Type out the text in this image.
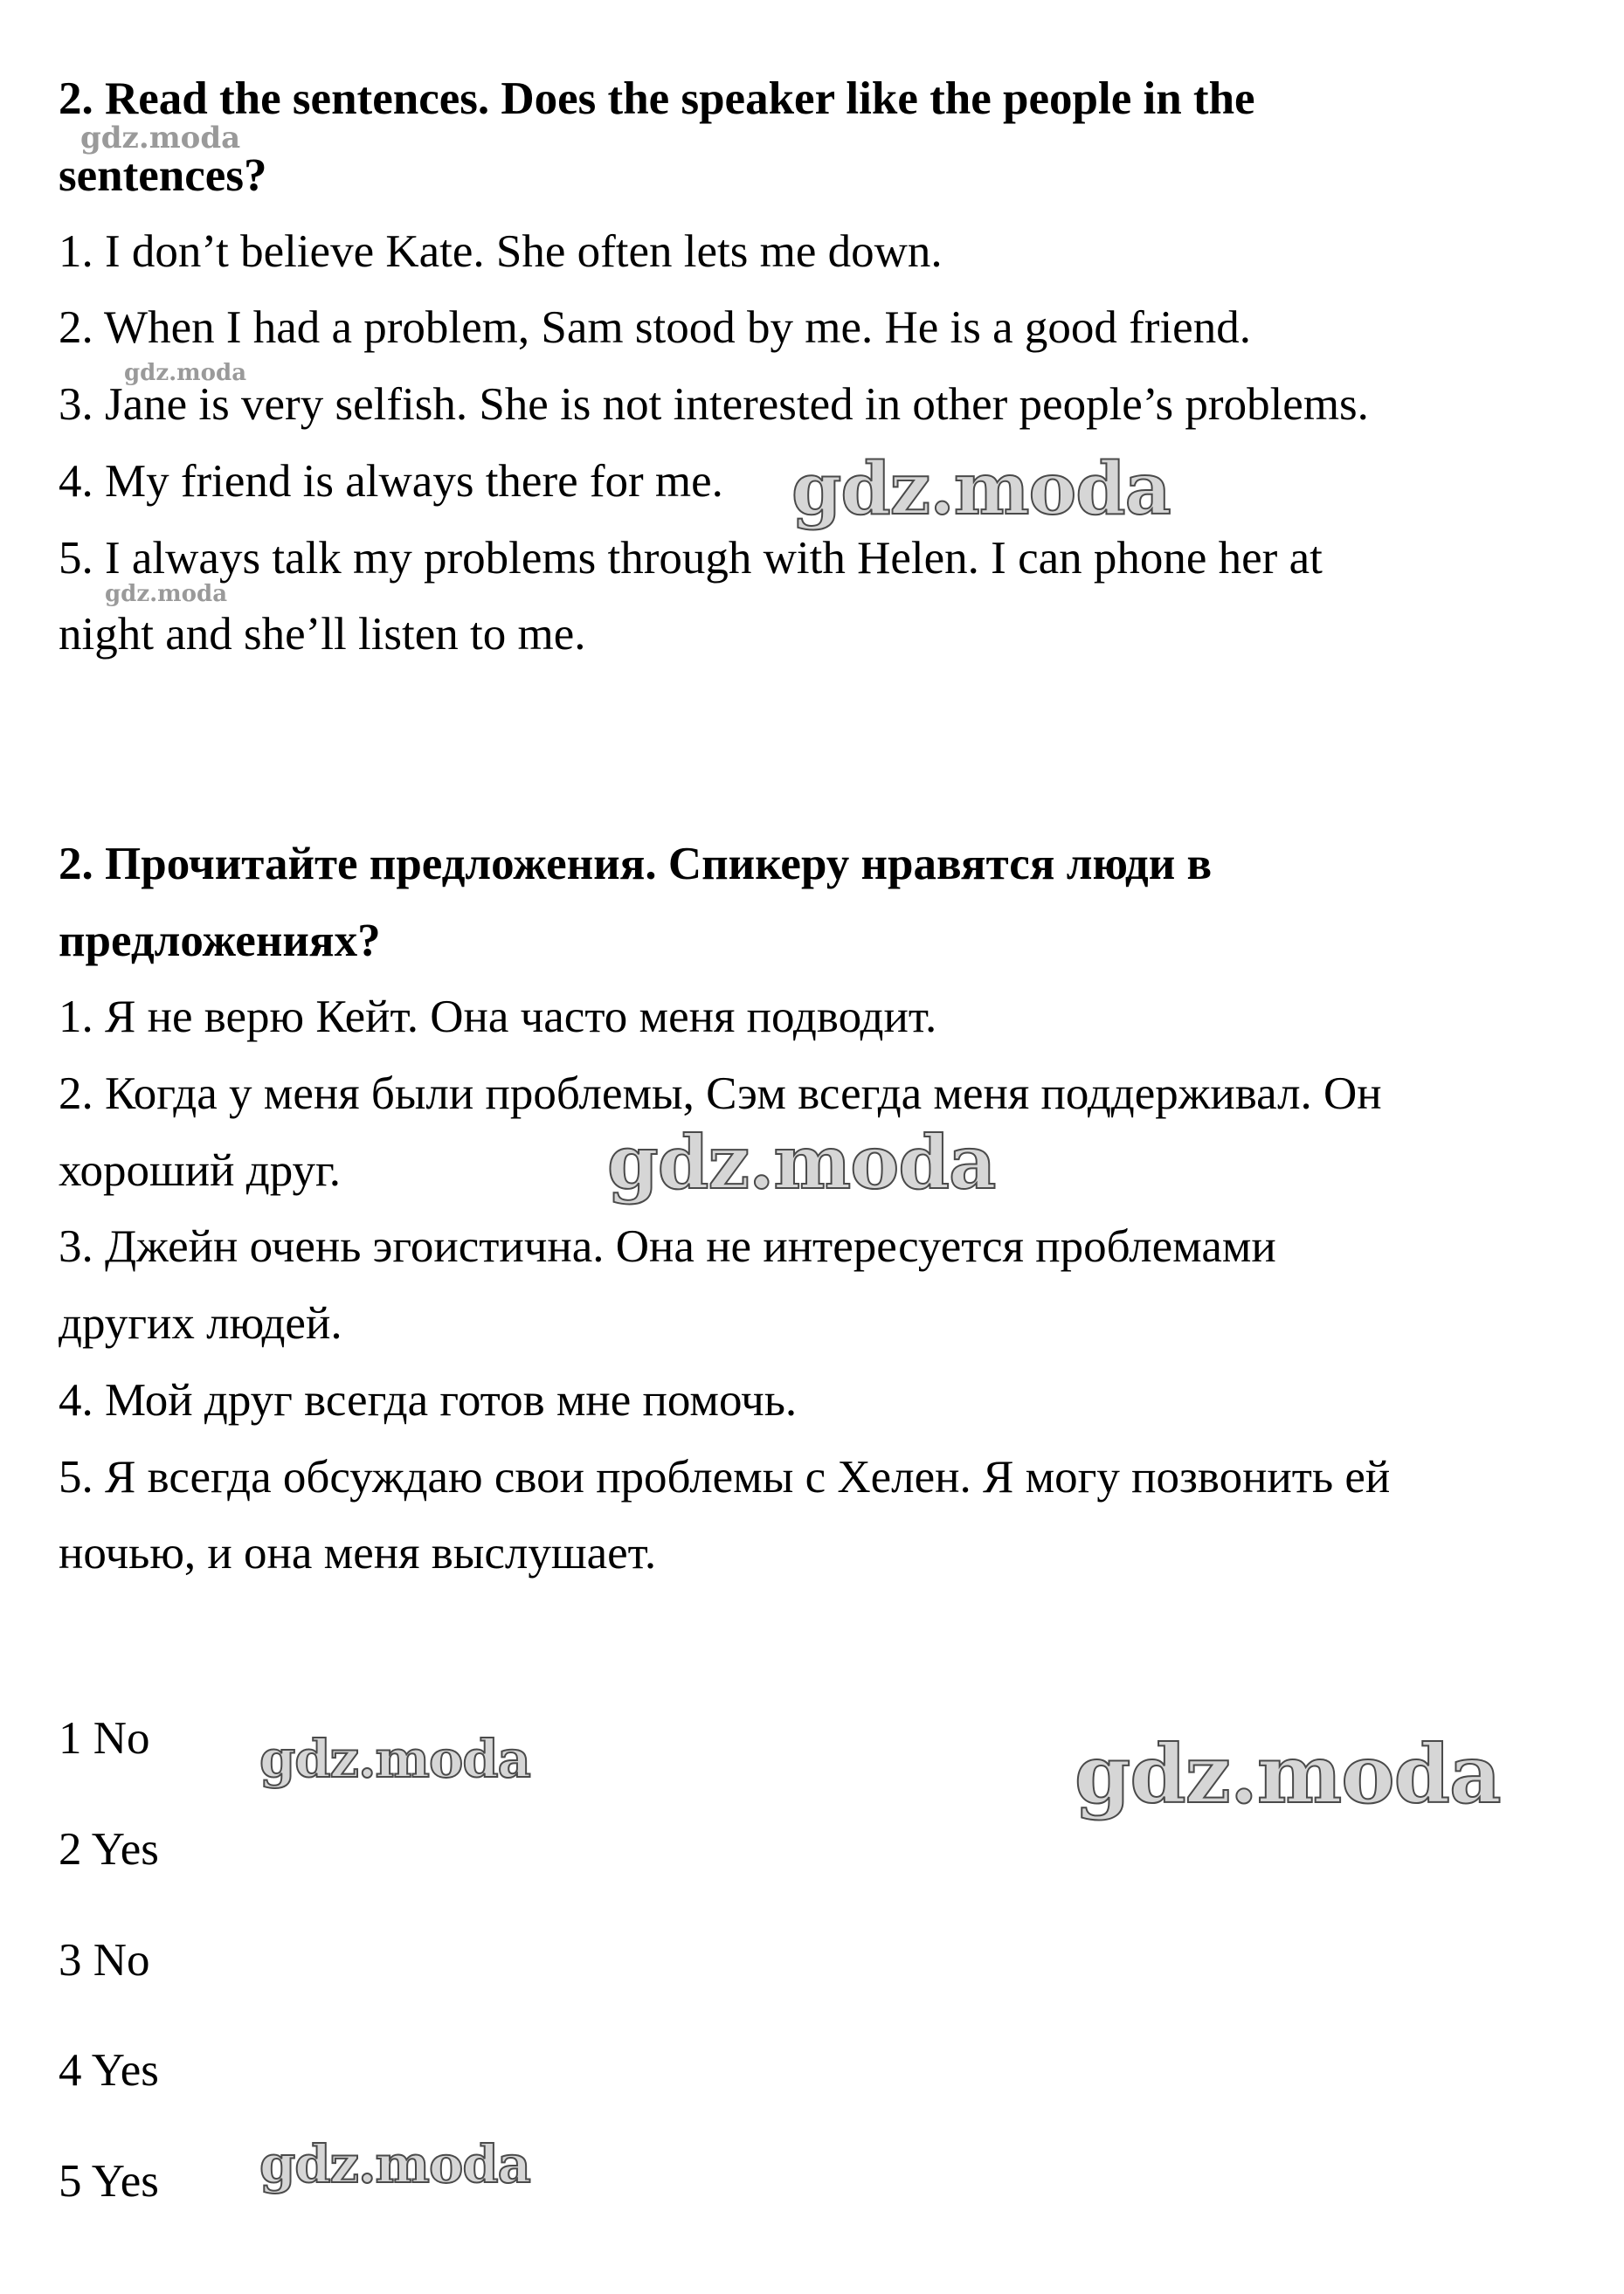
2. Read the sentences. Does the speaker like the people in the
sentences?
1. I don’t believe Kate. She often lets me down.
2. When I had a problem, Sam stood by me. He is a good friend.
3. Jane is very selfish. She is not interested in other people’s problems.
4. My friend is always there for me.
5. I always talk my problems through with Helen. I can phone her at
night and she’ll listen to me.
2. Прочитайте предложения. Спикеру нравятся люди в
предложениях?
1. Я не верю Кейт. Она часто меня подводит.
2. Когда у меня были проблемы, Сэм всегда меня поддерживал. Он
хороший друг.
3. Джейн очень эгоистична. Она не интересуется проблемами
других людей.
4. Мой друг всегда готов мне помочь.
5. Я всегда обсуждаю свои проблемы с Хелен. Я могу позвонить ей
ночью, и она меня выслушает.
1 No
2 Yes
3 No
4 Yes
5 Yes
gdz.moda
gdz.moda
gdz.moda
gdz.moda
gdz.moda
gdz.moda	gdz.moda
gdz.moda
